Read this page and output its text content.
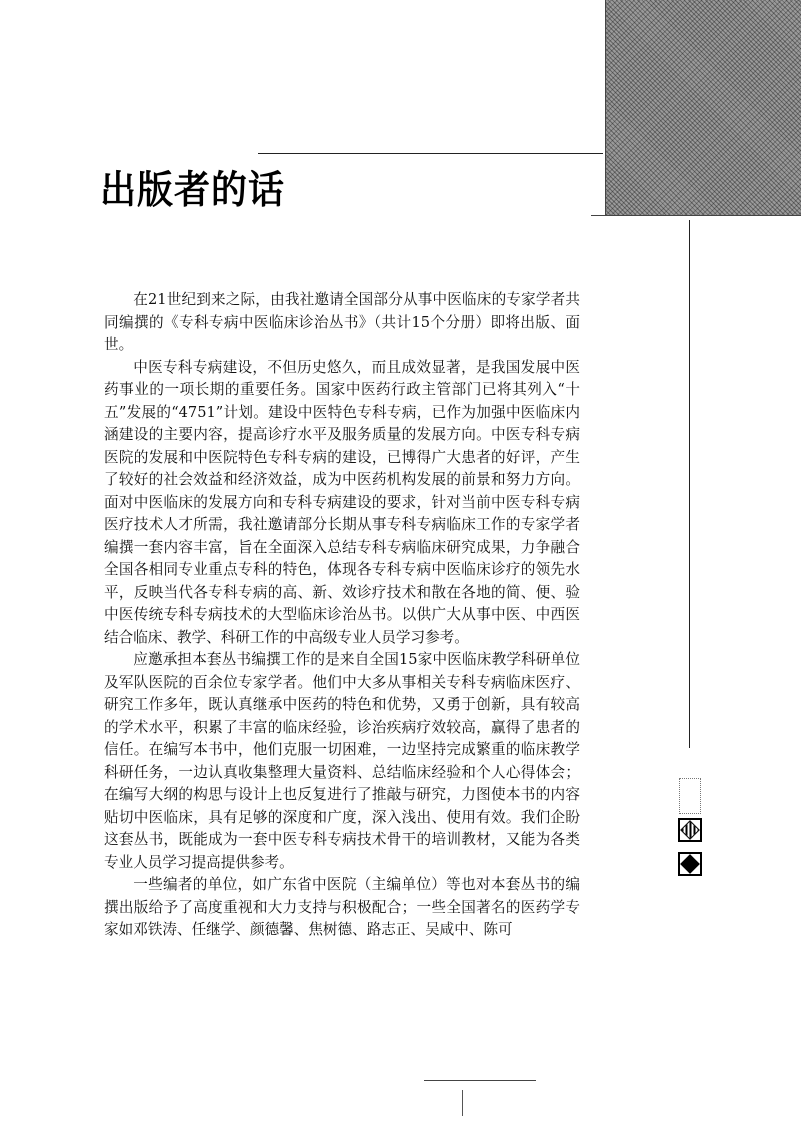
出版者的话

在21世纪到来之际，由我社邀请全国部分从事中医临床的专家学者共同编撰的《专科专病中医临床诊治丛书》（共计15个分册）即将出版、面世。

中医专科专病建设，不但历史悠久，而且成效显著，是我国发展中医药事业的一项长期的重要任务。国家中医药行政主管部门已将其列入“十五”发展的“4751”计划。建设中医特色专科专病，已作为加强中医临床内涵建设的主要内容，提高诊疗水平及服务质量的发展方向。中医专科专病医院的发展和中医院特色专科专病的建设，已博得广大患者的好评，产生了较好的社会效益和经济效益，成为中医药机构发展的前景和努力方向。面对中医临床的发展方向和专科专病建设的要求，针对当前中医专科专病医疗技术人才所需，我社邀请部分长期从事专科专病临床工作的专家学者编撰一套内容丰富，旨在全面深入总结专科专病临床研究成果，力争融合全国各相同专业重点专科的特色，体现各专科专病中医临床诊疗的领先水平，反映当代各专科专病的高、新、效诊疗技术和散在各地的简、便、验中医传统专科专病技术的大型临床诊治丛书。以供广大从事中医、中西医结合临床、教学、科研工作的中高级专业人员学习参考。

应邀承担本套丛书编撰工作的是来自全国15家中医临床教学科研单位及军队医院的百余位专家学者。他们中大多从事相关专科专病临床医疗、研究工作多年，既认真继承中医药的特色和优势，又勇于创新，具有较高的学术水平，积累了丰富的临床经验，诊治疾病疗效较高，赢得了患者的信任。在编写本书中，他们克服一切困难，一边坚持完成繁重的临床教学科研任务，一边认真收集整理大量资料、总结临床经验和个人心得体会；在编写大纲的构思与设计上也反复进行了推敲与研究，力图使本书的内容贴切中医临床，具有足够的深度和广度，深入浅出、使用有效。我们企盼这套丛书，既能成为一套中医专科专病技术骨干的培训教材，又能为各类专业人员学习提高提供参考。

一些编者的单位，如广东省中医院（主编单位）等也对本套丛书的编撰出版给予了高度重视和大力支持与积极配合；一些全国著名的医药学专家如邓铁涛、任继学、颜德馨、焦树德、路志正、吴咸中、陈可
